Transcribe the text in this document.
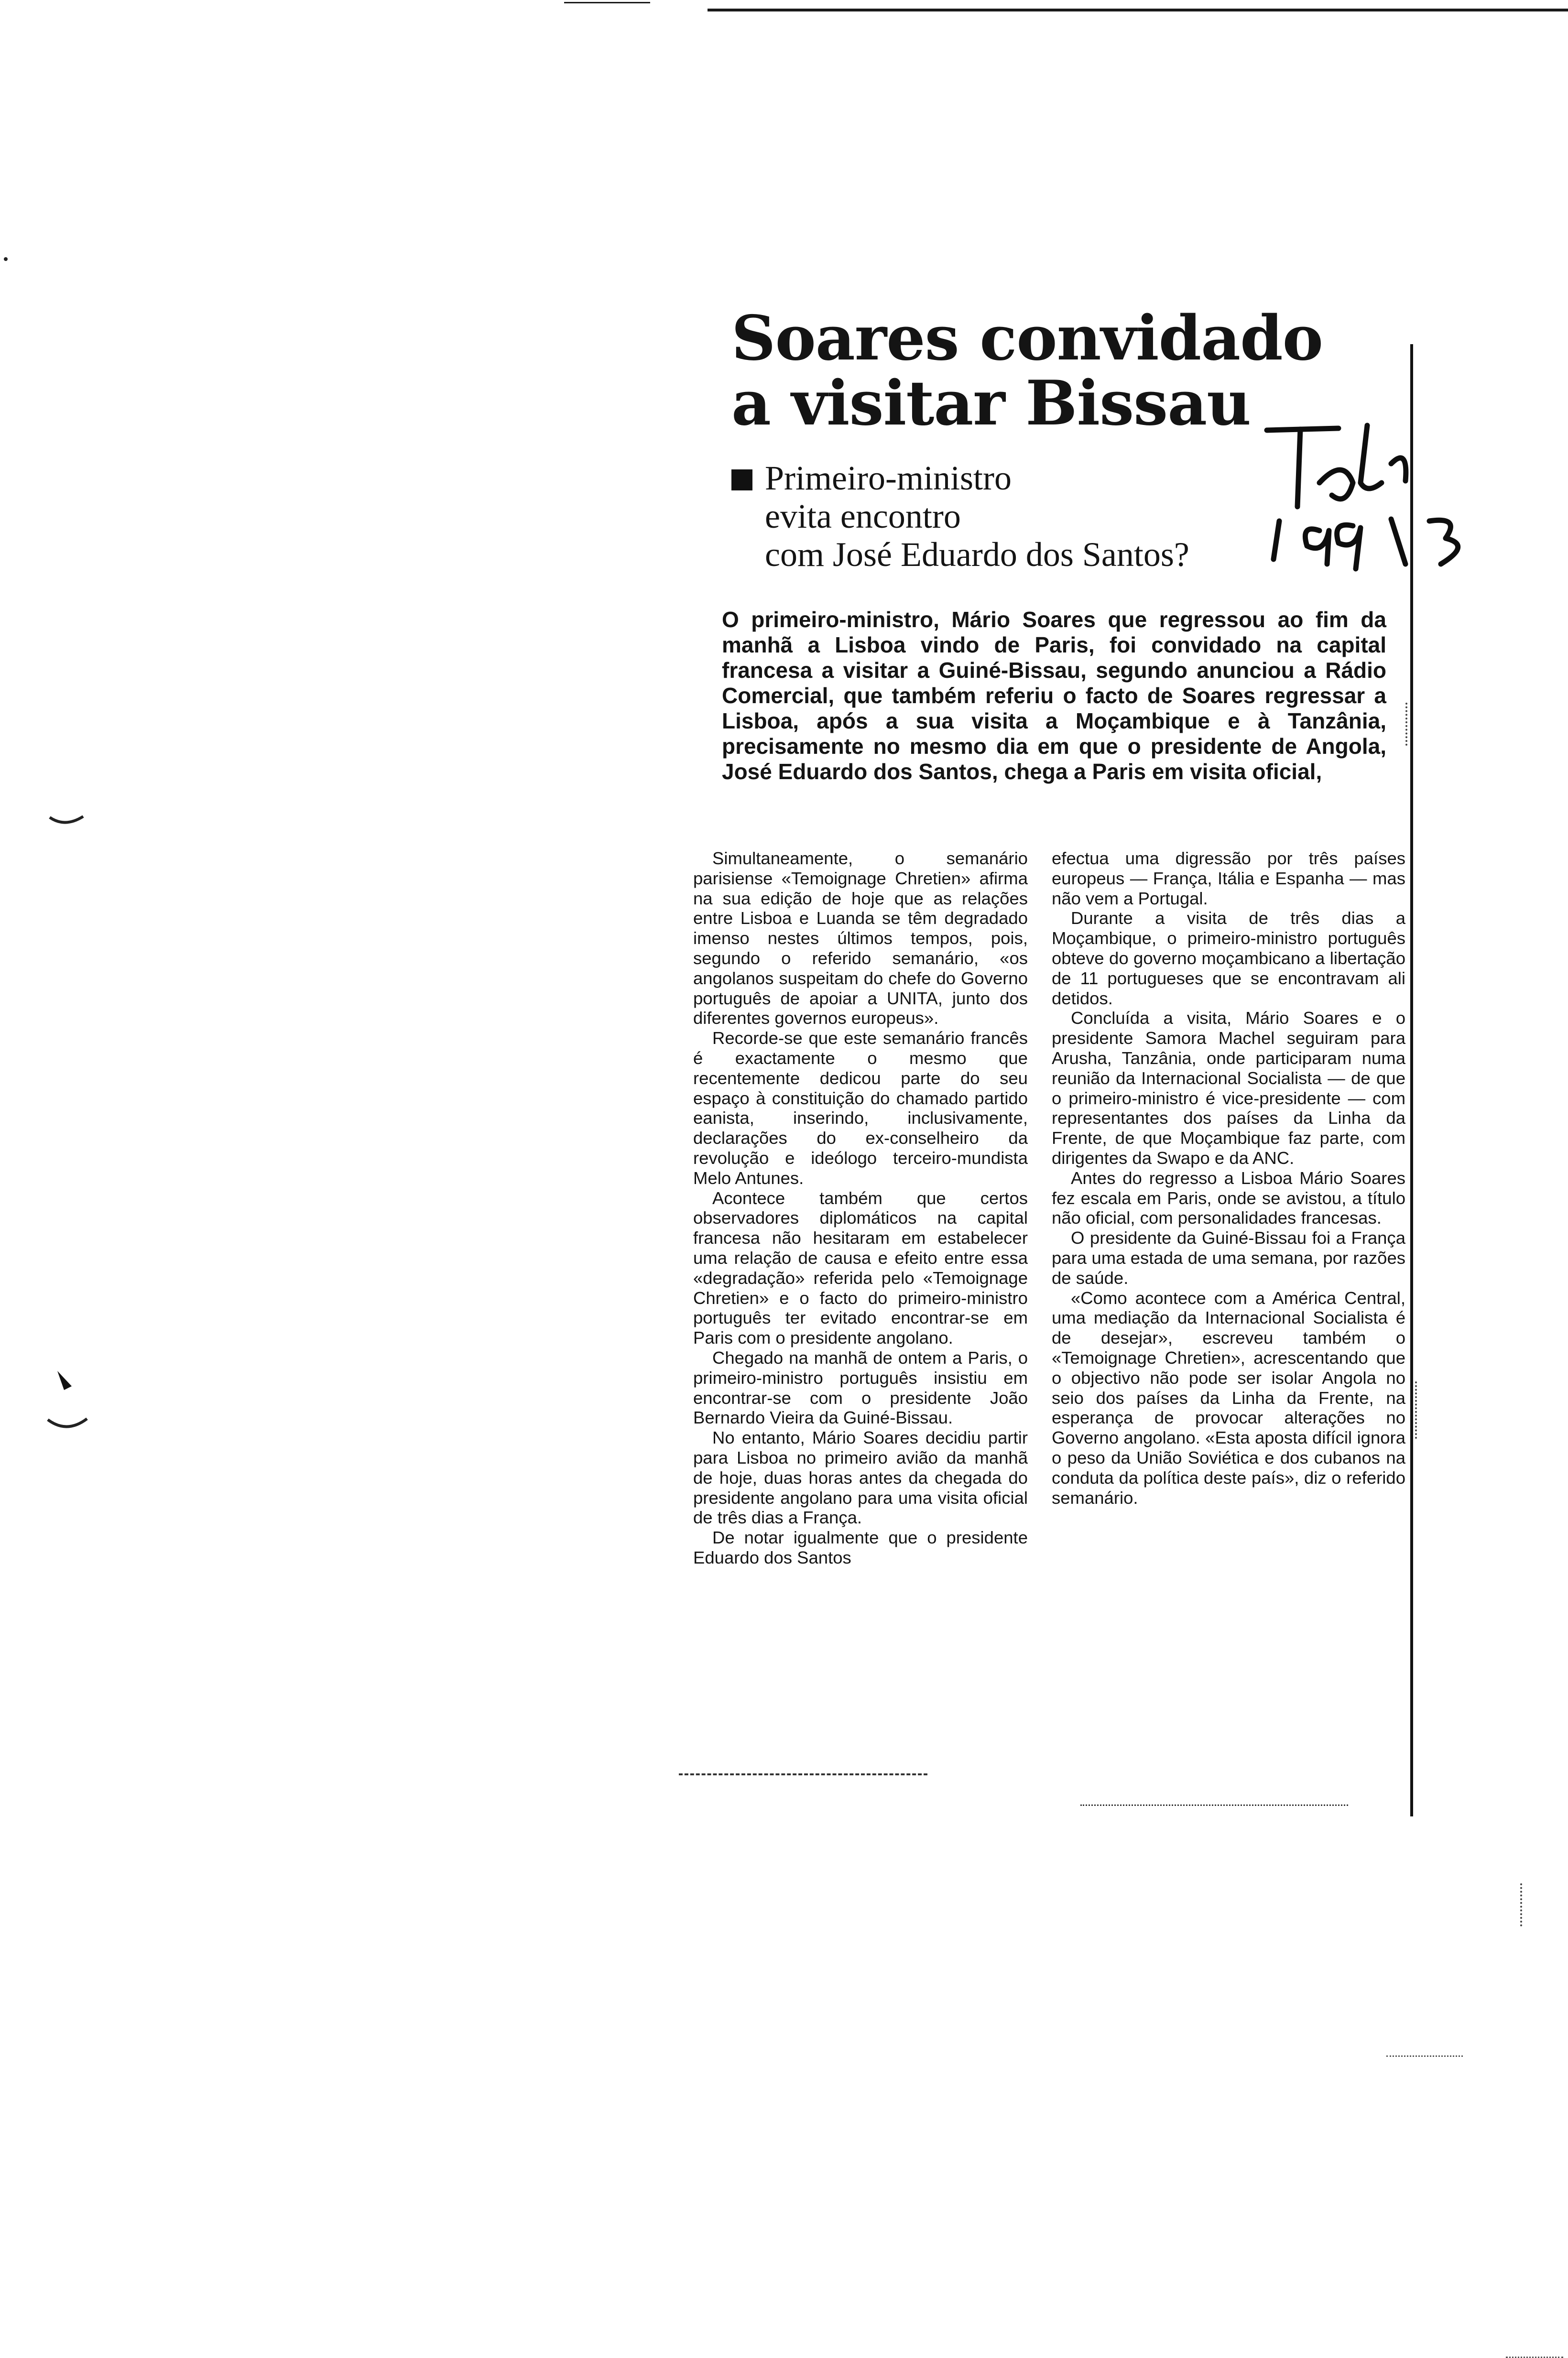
Soares convidado
a visitar Bissau
Primeiro-ministro
evita encontro
com José Eduardo dos Santos?

O primeiro-ministro, Mário Soares que regressou ao fim da manhã a Lisboa vindo de Paris, foi convidado na capital francesa a visitar a Guiné-Bissau, segundo anunciou a Rádio Comercial, que também referiu o facto de Soares regressar a Lisboa, após a sua visita a Moçambique e à Tanzânia, precisamente no mesmo dia em que o presidente de Angola, José Eduardo dos Santos, chega a Paris em visita oficial,

Simultaneamente, o semanário parisiense «Temoignage Chretien» afirma na sua edição de hoje que as relações entre Lisboa e Luanda se têm degradado imenso nestes últimos tempos, pois, segundo o referido semanário, «os angolanos suspeitam do chefe do Governo português de apoiar a UNITA, junto dos diferentes governos europeus».

Recorde-se que este semanário francês é exactamente o mesmo que recentemente dedicou parte do seu espaço à constituição do chamado partido eanista, inserindo, inclusivamente, declarações do ex-conselheiro da revolução e ideólogo terceiro-mundista Melo Antunes.

Acontece também que certos observadores diplomáticos na capital francesa não hesitaram em estabelecer uma relação de causa e efeito entre essa «degradação» referida pelo «Temoignage Chretien» e o facto do primeiro-ministro português ter evitado encontrar-se em Paris com o presidente angolano.

Chegado na manhã de ontem a Paris, o primeiro-ministro português insistiu em encontrar-se com o presidente João Bernardo Vieira da Guiné-Bissau.

No entanto, Mário Soares decidiu partir para Lisboa no primeiro avião da manhã de hoje, duas horas antes da chegada do presidente angolano para uma visita oficial de três dias a França.

De notar igualmente que o presidente Eduardo dos Santos

efectua uma digressão por três países europeus — França, Itália e Espanha — mas não vem a Portugal.

Durante a visita de três dias a Moçambique, o primeiro-ministro português obteve do governo moçambicano a libertação de 11 portugueses que se encontravam ali detidos.

Concluída a visita, Mário Soares e o presidente Samora Machel seguiram para Arusha, Tanzânia, onde participaram numa reunião da Internacional Socialista — de que o primeiro-ministro é vice-presidente — com representantes dos países da Linha da Frente, de que Moçambique faz parte, com dirigentes da Swapo e da ANC.

Antes do regresso a Lisboa Mário Soares fez escala em Paris, onde se avistou, a título não oficial, com personalidades francesas.

O presidente da Guiné-Bissau foi a França para uma estada de uma semana, por razões de saúde.

«Como acontece com a América Central, uma mediação da Internacional Socialista é de desejar», escreveu também o «Temoignage Chretien», acrescentando que o objectivo não pode ser isolar Angola no seio dos países da Linha da Frente, na esperança de provocar alterações no Governo angolano. «Esta aposta difícil ignora o peso da União Soviética e dos cubanos na conduta da política deste país», diz o referido semanário.
